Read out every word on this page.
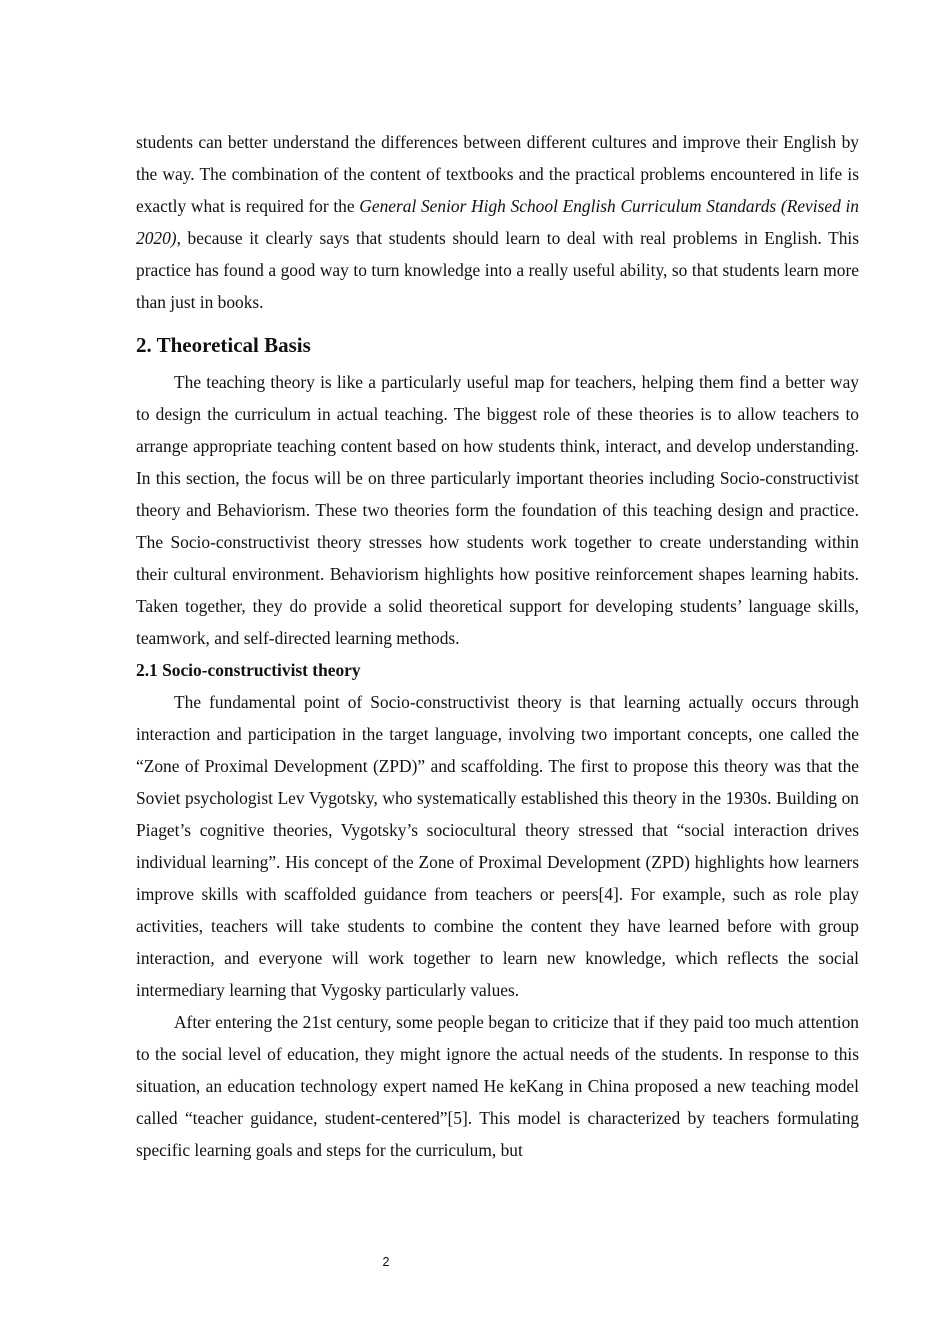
students can better understand the differences between different cultures and improve their English by the way. The combination of the content of textbooks and the practical problems encountered in life is exactly what is required for the General Senior High School English Curriculum Standards (Revised in 2020), because it clearly says that students should learn to deal with real problems in English. This practice has found a good way to turn knowledge into a really useful ability, so that students learn more than just in books.

2. Theoretical Basis

The teaching theory is like a particularly useful map for teachers, helping them find a better way to design the curriculum in actual teaching. The biggest role of these theories is to allow teachers to arrange appropriate teaching content based on how students think, interact, and develop understanding. In this section, the focus will be on three particularly important theories including Socio-constructivist theory and Behaviorism. These two theories form the foundation of this teaching design and practice. The Socio-constructivist theory stresses how students work together to create understanding within their cultural environment. Behaviorism highlights how positive reinforcement shapes learning habits. Taken together, they do provide a solid theoretical support for developing students’ language skills, teamwork, and self-directed learning methods.

2.1 Socio-constructivist theory

The fundamental point of Socio-constructivist theory is that learning actually occurs through interaction and participation in the target language, involving two important concepts, one called the “Zone of Proximal Development (ZPD)” and scaffolding. The first to propose this theory was that the Soviet psychologist Lev Vygotsky, who systematically established this theory in the 1930s. Building on Piaget’s cognitive theories, Vygotsky’s sociocultural theory stressed that “social interaction drives individual learning”. His concept of the Zone of Proximal Development (ZPD) highlights how learners improve skills with scaffolded guidance from teachers or peers[4]. For example, such as role play activities, teachers will take students to combine the content they have learned before with group interaction, and everyone will work together to learn new knowledge, which reflects the social intermediary learning that Vygosky particularly values.

After entering the 21st century, some people began to criticize that if they paid too much attention to the social level of education, they might ignore the actual needs of the students. In response to this situation, an education technology expert named He keKang in China proposed a new teaching model called “teacher guidance, student-centered”[5]. This model is characterized by teachers formulating specific learning goals and steps for the curriculum, but

2
